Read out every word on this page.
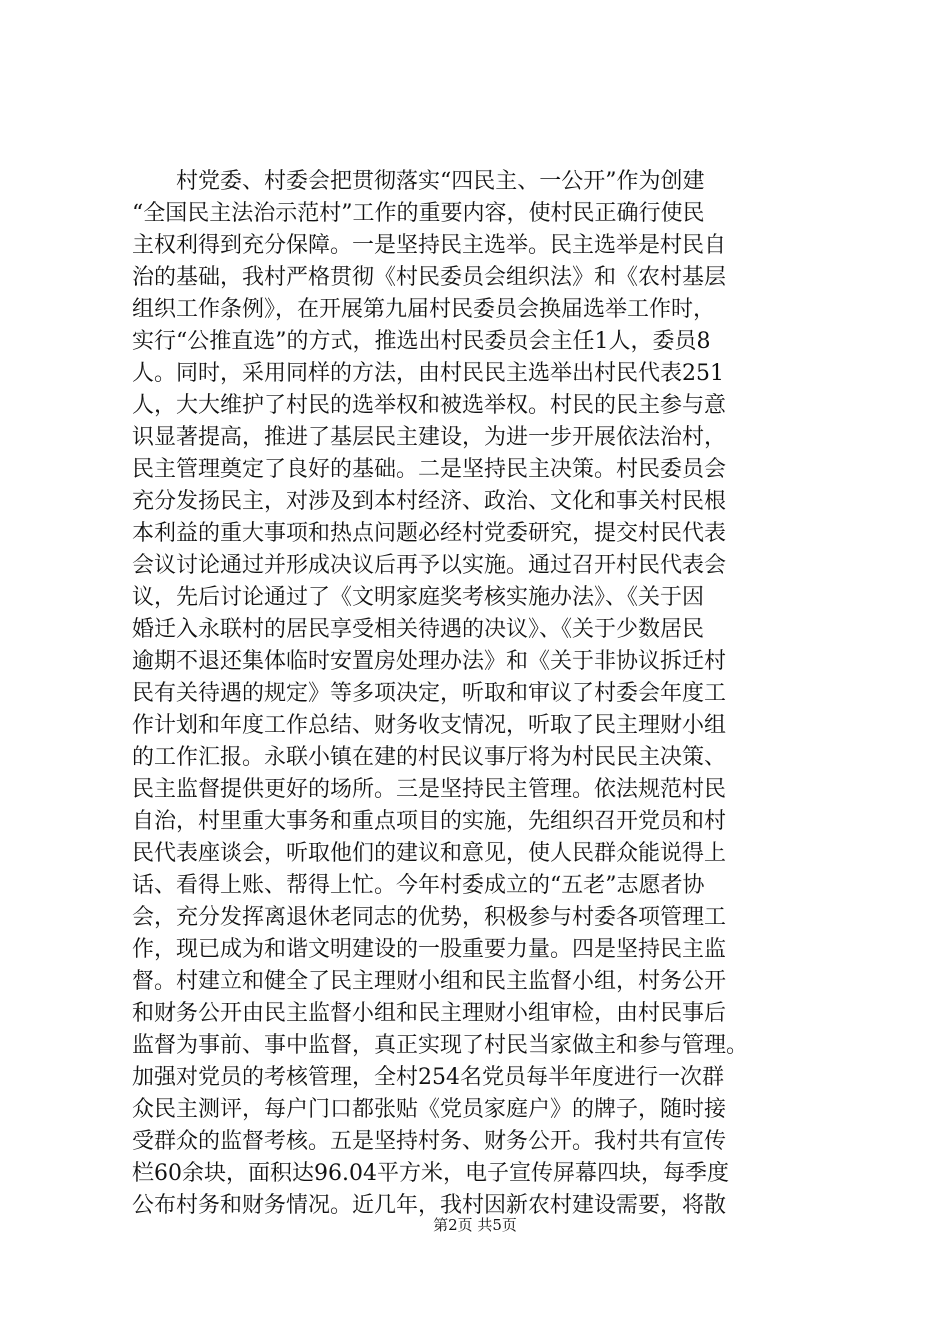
　　村党委、村委会把贯彻落实“四民主、一公开”作为创建
“全国民主法治示范村”工作的重要内容，使村民正确行使民
主权利得到充分保障。一是坚持民主选举。民主选举是村民自
治的基础，我村严格贯彻《村民委员会组织法》和《农村基层
组织工作条例》，在开展第九届村民委员会换届选举工作时，
实行“公推直选”的方式，推选出村民委员会主任1人，委员8
人。同时，采用同样的方法，由村民民主选举出村民代表251
人，大大维护了村民的选举权和被选举权。村民的民主参与意
识显著提高，推进了基层民主建设，为进一步开展依法治村，
民主管理奠定了良好的基础。二是坚持民主决策。村民委员会
充分发扬民主，对涉及到本村经济、政治、文化和事关村民根
本利益的重大事项和热点问题必经村党委研究，提交村民代表
会议讨论通过并形成决议后再予以实施。通过召开村民代表会
议，先后讨论通过了《文明家庭奖考核实施办法》、《关于因
婚迁入永联村的居民享受相关待遇的决议》、《关于少数居民
逾期不退还集体临时安置房处理办法》和《关于非协议拆迁村
民有关待遇的规定》等多项决定，听取和审议了村委会年度工
作计划和年度工作总结、财务收支情况，听取了民主理财小组
的工作汇报。永联小镇在建的村民议事厅将为村民民主决策、
民主监督提供更好的场所。三是坚持民主管理。依法规范村民
自治，村里重大事务和重点项目的实施，先组织召开党员和村
民代表座谈会，听取他们的建议和意见，使人民群众能说得上
话、看得上账、帮得上忙。今年村委成立的“五老”志愿者协
会，充分发挥离退休老同志的优势，积极参与村委各项管理工
作，现已成为和谐文明建设的一股重要力量。四是坚持民主监
督。村建立和健全了民主理财小组和民主监督小组，村务公开
和财务公开由民主监督小组和民主理财小组审检，由村民事后
监督为事前、事中监督，真正实现了村民当家做主和参与管理。
加强对党员的考核管理，全村254名党员每半年度进行一次群
众民主测评，每户门口都张贴《党员家庭户》的牌子，随时接
受群众的监督考核。五是坚持村务、财务公开。我村共有宣传
栏60余块，面积达96.04平方米，电子宣传屏幕四块，每季度
公布村务和财务情况。近几年，我村因新农村建设需要，将散
第2页 共5页
